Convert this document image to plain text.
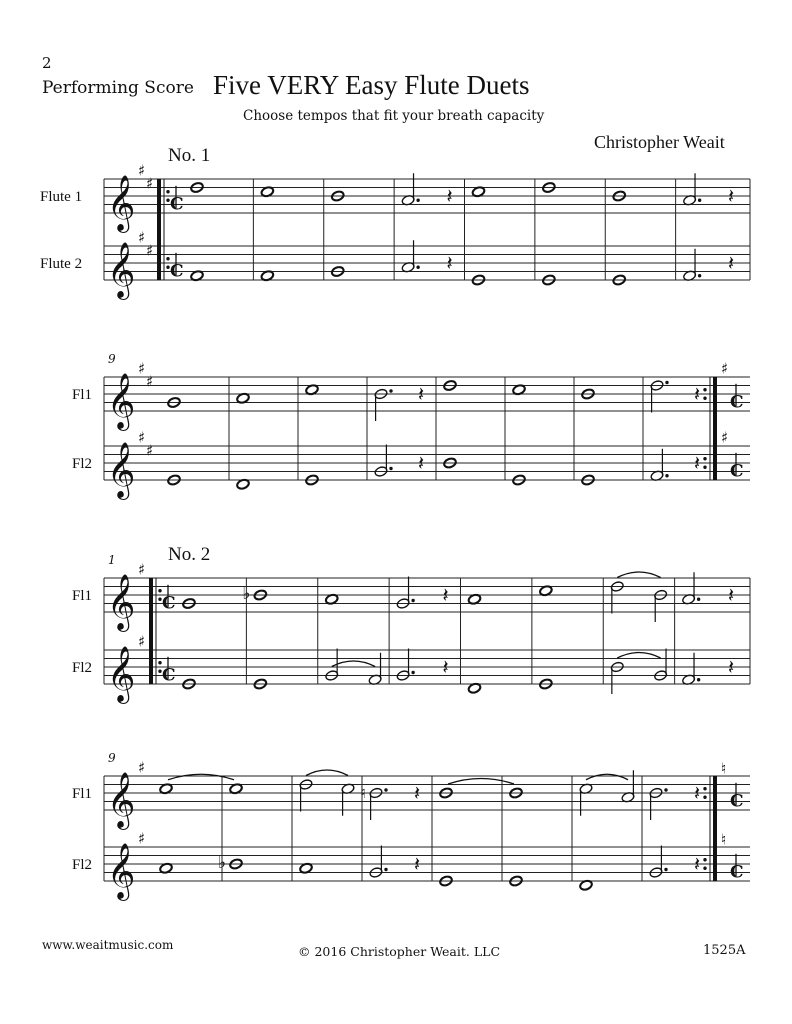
2
Performing Score Five VERY Easy Flute Duets
Choose tempos that fit your breath capacity
Christopher Weait
Flute 1
Flute 2
No. 1
𝄞
♯
♯
𝄞
♯
♯
C
C
𝄽	𝄽
𝄽	𝄽
Fl1
Fl2
9
𝄞
♯
♯
𝄞
♯
♯
𝄽	𝄽
𝄽	𝄽
♯
C
♯
C
Fl1
Fl2
1	No. 2
𝄞
♯
𝄞
♯
C
C
♭	𝄽	𝄽
𝄽	𝄽
Fl1
Fl2
9
𝄞
♯
𝄞
♯
♮ 𝄽	𝄽
♭	𝄽	𝄽
♮
C
♮
C
www.weaitmusic.com	© 2016 Christopher Weait. LLC	1525A
